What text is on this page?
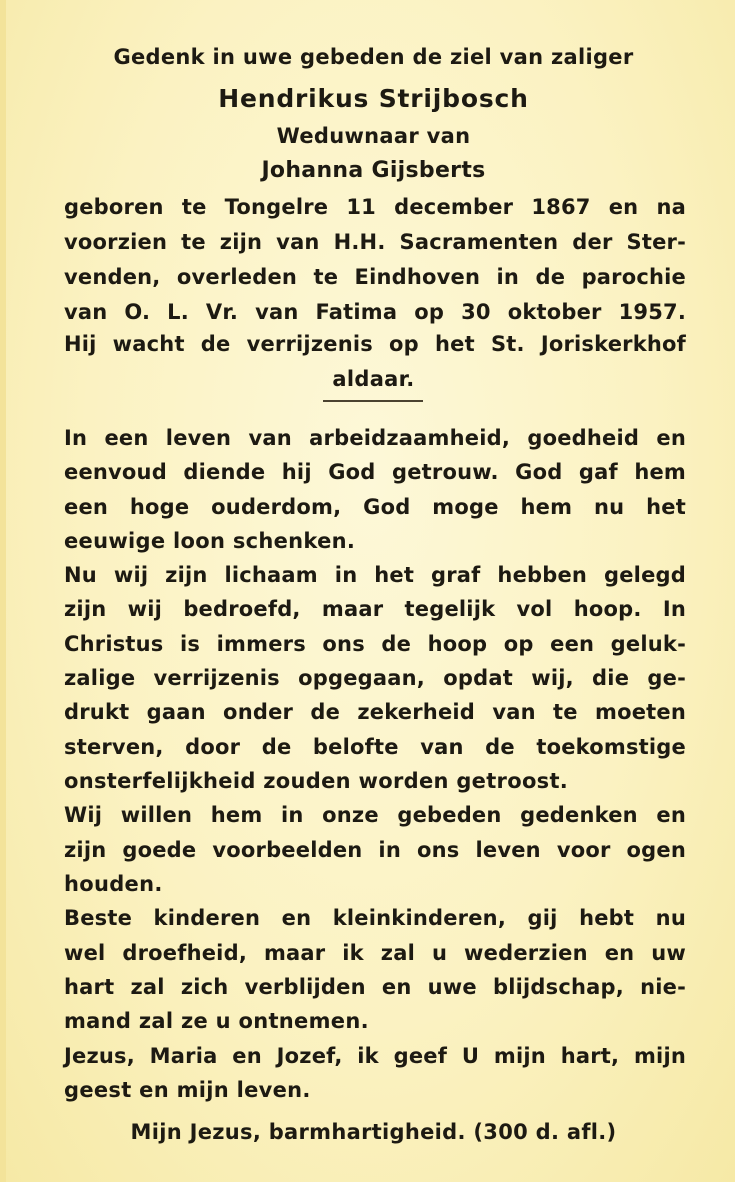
Gedenk in uwe gebeden de ziel van zaliger
Hendrikus Strijbosch
Weduwnaar van
Johanna Gijsberts
geboren te Tongelre 11 december 1867 en na
voorzien te zijn van H.H. Sacramenten der Ster-
venden, overleden te Eindhoven in de parochie
van O. L. Vr. van Fatima op 30 oktober 1957.
Hij wacht de verrijzenis op het St. Joriskerkhof
aldaar.
In een leven van arbeidzaamheid, goedheid en
eenvoud diende hij God getrouw. God gaf hem
een hoge ouderdom, God moge hem nu het
eeuwige loon schenken.
Nu wij zijn lichaam in het graf hebben gelegd
zijn wij bedroefd, maar tegelijk vol hoop. In
Christus is immers ons de hoop op een geluk-
zalige verrijzenis opgegaan, opdat wij, die ge-
drukt gaan onder de zekerheid van te moeten
sterven, door de belofte van de toekomstige
onsterfelijkheid zouden worden getroost.
Wij willen hem in onze gebeden gedenken en
zijn goede voorbeelden in ons leven voor ogen
houden.
Beste kinderen en kleinkinderen, gij hebt nu
wel droefheid, maar ik zal u wederzien en uw
hart zal zich verblijden en uwe blijdschap, nie-
mand zal ze u ontnemen.
Jezus, Maria en Jozef, ik geef U mijn hart, mijn
geest en mijn leven.
Mijn Jezus, barmhartigheid. (300 d. afl.)
